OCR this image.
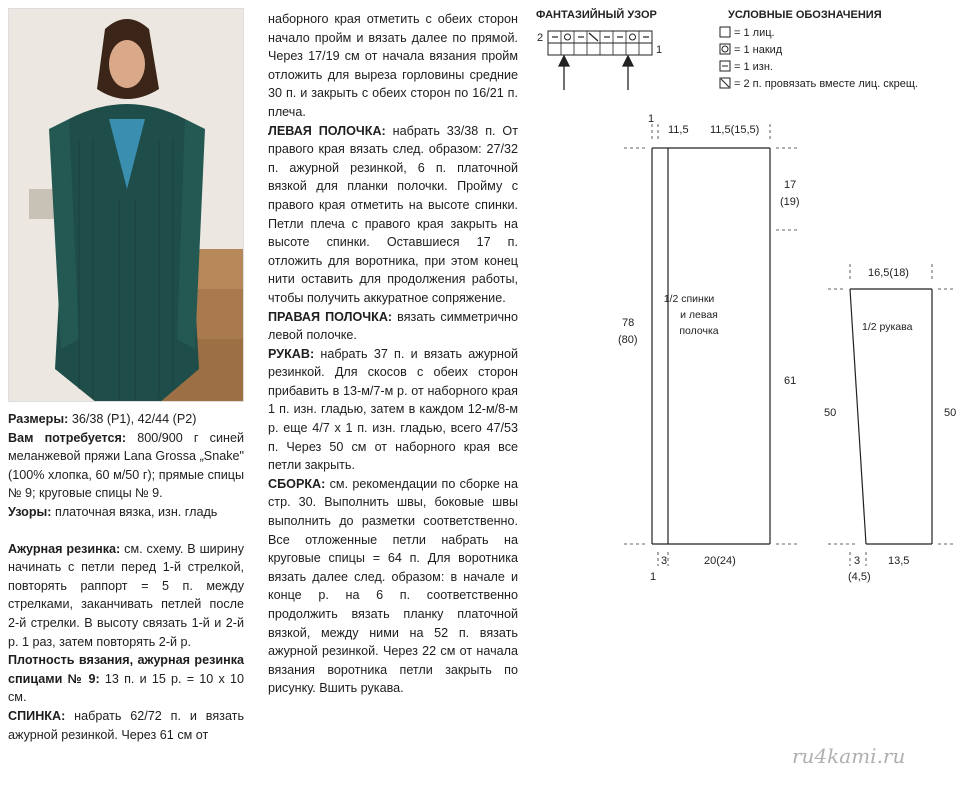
Размеры: 36/38 (Р1), 42/44 (Р2)

Вам потребуется: 800/900 г синей меланжевой пряжи Lana Grossa „Snake" (100% хлопка, 60 м/50 г); прямые спицы № 9; круговые спицы № 9.

Узоры: платочная вязка, изн. гладь

Ажурная резинка: см. схему. В ширину начинать с петли перед 1-й стрелкой, повторять раппорт = 5 п. между стрелками, заканчивать петлей после 2-й стрелки. В высоту связать 1-й и 2-й р. 1 раз, затем повторять 2-й р.

Плотность вязания, ажурная резинка спицами № 9: 13 п. и 15 р. = 10 х 10 см.

СПИНКА: набрать 62/72 п. и вязать ажурной резинкой. Через 61 см от

наборного края отметить с обеих сторон начало пройм и вязать далее по прямой. Через 17/19 см от начала вязания пройм отложить для выреза горловины средние 30 п. и закрыть с обеих сторон по 16/21 п. плеча.

ЛЕВАЯ ПОЛОЧКА: набрать 33/38 п. От правого края вязать след. образом: 27/32 п. ажурной резинкой, 6 п. платочной вязкой для планки полочки. Пройму с правого края отметить на высоте спинки. Петли плеча с правого края закрыть на высоте спинки. Оставшиеся 17 п. отложить для воротника, при этом конец нити оставить для продолжения работы, чтобы получить аккуратное сопряжение.

ПРАВАЯ ПОЛОЧКА: вязать симметрично левой полочке.

РУКАВ: набрать 37 п. и вязать ажурной резинкой. Для скосов с обеих сторон прибавить в 13-м/7-м р. от наборного края 1 п. изн. гладью, затем в каждом 12-м/8-м р. еще 4/7 х 1 п. изн. гладью, всего 47/53 п. Через 50 см от наборного края все петли закрыть.

СБОРКА: см. рекомендации по сборке на стр. 30. Выполнить швы, боковые швы выполнить до разметки соответственно. Все отложенные петли набрать на круговые спицы = 64 п. Для воротника вязать далее след. образом: в начале и конце р. на 6 п. соответственно продолжить вязать планку платочной вязкой, между ними на 52 п. вязать ажурной резинкой. Через 22 см от начала вязания воротника петли закрыть по рисунку. Вшить рукава.

ФАНТАЗИЙНЫЙ УЗОР
2
1
УСЛОВНЫЕ ОБОЗНАЧЕНИЯ
= 1 лиц.
= 1 накид
= 1 изн.
= 2 п. провязать вместе лиц. скрещ.
1/2 спинки
и левая
полочка
1
11,5 11,5(15,5)
17
(19)
78
(80)
61
3	20(24)
1
16,5(18)
1/2 рукава
50	50
3
(4,5)
13,5
ru4kami.ru
